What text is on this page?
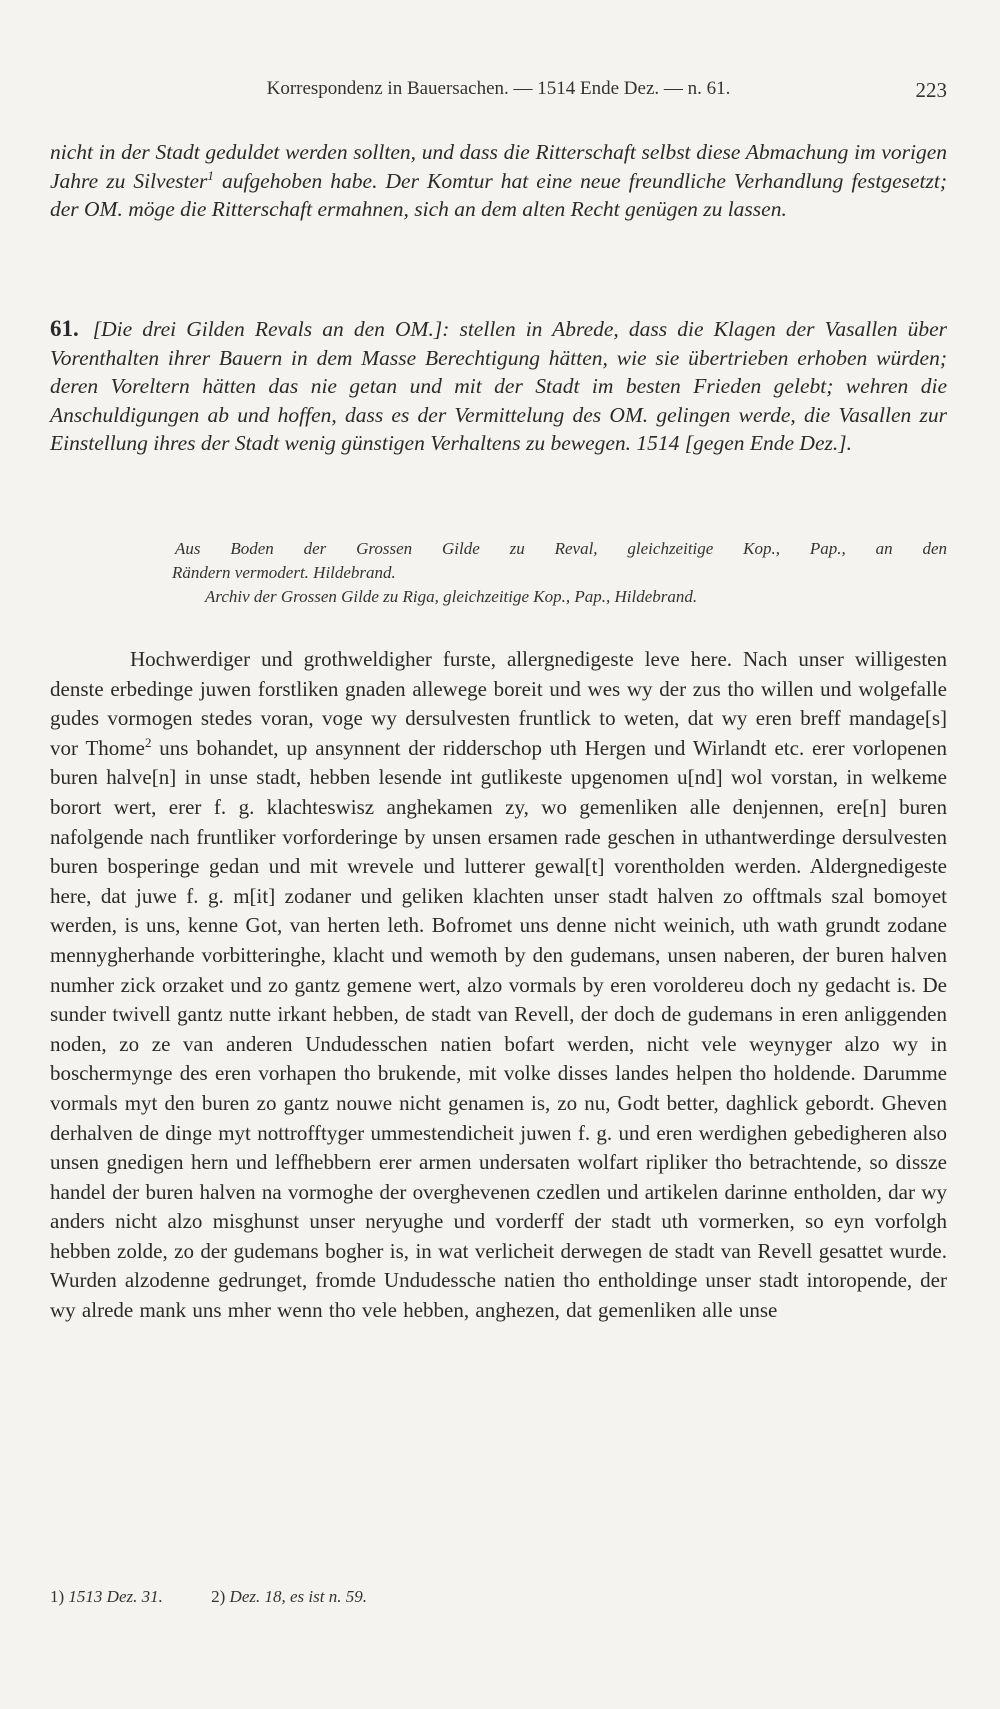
Korrespondenz in Bauersachen. — 1514 Ende Dez. — n. 61.	223

nicht in der Stadt geduldet werden sollten, und dass die Ritterschaft selbst diese Abmachung im vorigen Jahre zu Silvester$^1$ aufgehoben habe. Der Komtur hat eine neue freundliche Verhandlung festgesetzt; der OM. möge die Ritterschaft ermahnen, sich an dem alten Recht genügen zu lassen.

61. [Die drei Gilden Revals an den OM.]: stellen in Abrede, dass die Klagen der Vasallen über Vorenthalten ihrer Bauern in dem Masse Berechtigung hätten, wie sie übertrieben erhoben würden; deren Voreltern hätten das nie getan und mit der Stadt im besten Frieden gelebt; wehren die Anschuldigungen ab und hoffen, dass es der Vermittelung des OM. gelingen werde, die Vasallen zur Einstellung ihres der Stadt wenig günstigen Verhaltens zu bewegen. 1514 [gegen Ende Dez.].

Aus Boden der Grossen Gilde zu Reval, gleichzeitige Kop., Pap., an den
Rändern vermodert. Hildebrand.

Archiv der Grossen Gilde zu Riga, gleichzeitige Kop., Pap., Hildebrand.

Hochwerdiger und grothweldigher furste, allergnedigeste leve here. Nach unser willigesten denste erbedinge juwen forstliken gnaden allewege boreit und wes wy der zus tho willen und wolgefalle gudes vormogen stedes voran, voge wy dersulvesten fruntlick to weten, dat wy eren breff mandage[s] vor Thome$^2$ uns bohandet, up ansynnent der ridderschop uth Hergen und Wirlandt etc. erer vorlopenen buren halve[n] in unse stadt, hebben lesende int gutlikeste upgenomen u[nd] wol vorstan, in welkeme borort wert, erer f. g. klachteswisz anghekamen zy, wo gemenliken alle denjennen, ere[n] buren nafolgende nach fruntliker vorforderinge by unsen ersamen rade geschen in uthantwerdinge dersulvesten buren bosperinge gedan und mit wrevele und lutterer gewal[t] vorentholden werden. Aldergnedigeste here, dat juwe f. g. m[it] zodaner und geliken klachten unser stadt halven zo offtmals szal bomoyet werden, is uns, kenne Got, van herten leth. Bofromet uns denne nicht weinich, uth wath grundt zodane mennygherhande vorbitteringhe, klacht und wemoth by den gudemans, unsen naberen, der buren halven numher zick orzaket und zo gantz gemene wert, alzo vormals by eren voroldereu doch ny gedacht is. De sunder twivell gantz nutte irkant hebben, de stadt van Revell, der doch de gudemans in eren anliggenden noden, zo ze van anderen Undudesschen natien bofart werden, nicht vele weynyger alzo wy in boschermynge des eren vorhapen tho brukende, mit volke disses landes helpen tho holdende. Darumme vormals myt den buren zo gantz nouwe nicht genamen is, zo nu, Godt better, daghlick gebordt. Gheven derhalven de dinge myt nottrofftyger ummestendicheit juwen f. g. und eren werdighen gebedigheren also unsen gnedigen hern und leffhebbern erer armen undersaten wolfart ripliker tho betrachtende, so dissze handel der buren halven na vormoghe der overghevenen czedlen und artikelen darinne entholden, dar wy anders nicht alzo misghunst unser neryughe und vorderff der stadt uth vormerken, so eyn vorfolgh hebben zolde, zo der gudemans bogher is, in wat verlicheit derwegen de stadt van Revell gesattet wurde. Wurden alzodenne gedrunget, fromde Undudessche natien tho entholdinge unser stadt intoropende, der wy alrede mank uns mher wenn tho vele hebben, anghezen, dat gemenliken alle unse

1) 1513 Dez. 31.	2) Dez. 18, es ist n. 59.
